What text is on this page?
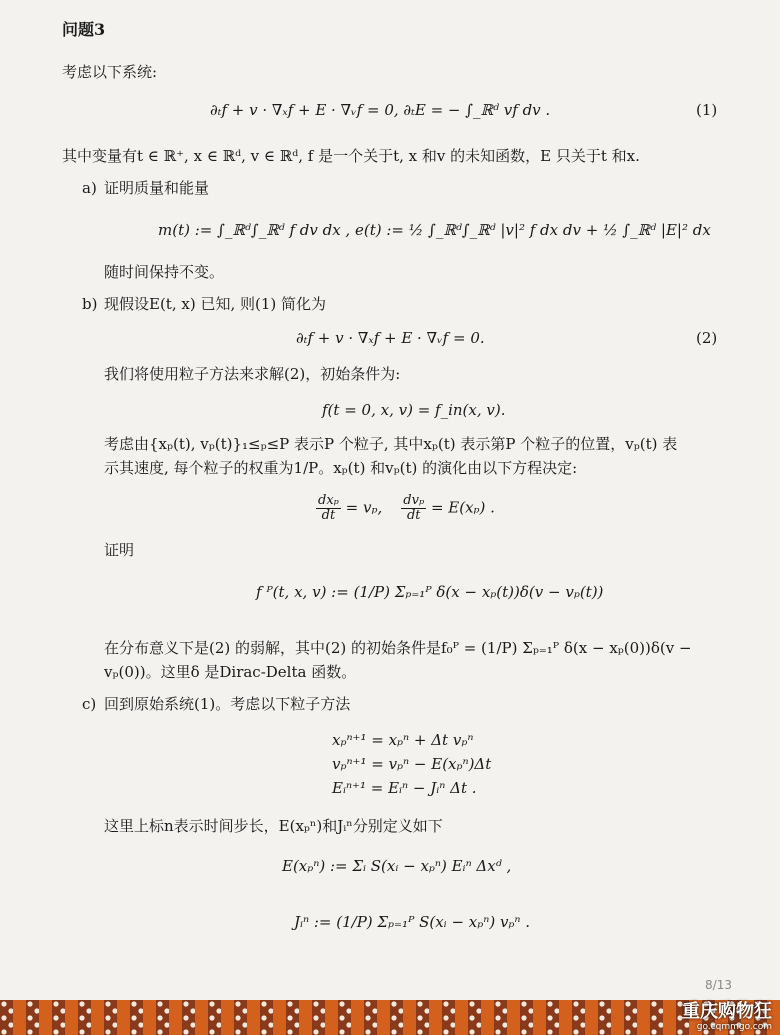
问题3
考虑以下系统:
∂ₜf + v · ∇ₓf + E · ∇ᵥf = 0, ∂ₜE = − ∫_ℝᵈ vf dv .	(1)
其中变量有t ∈ ℝ⁺, x ∈ ℝᵈ, v ∈ ℝᵈ, f 是一个关于t, x 和v 的未知函数，E 只关于t 和x.
a) 证明质量和能量
m(t) := ∫_ℝᵈ∫_ℝᵈ f dv dx , e(t) := ½ ∫_ℝᵈ∫_ℝᵈ |v|² f dx dv + ½ ∫_ℝᵈ |E|² dx
随时间保持不变。
b) 现假设E(t, x) 已知, 则(1) 简化为
∂ₜf + v · ∇ₓf + E · ∇ᵥf = 0.	(2)
我们将使用粒子方法来求解(2)，初始条件为:
f(t = 0, x, v) = f_in(x, v).
考虑由{xₚ(t), vₚ(t)}₁≤ₚ≤P 表示P 个粒子, 其中xₚ(t) 表示第P 个粒子的位置，vₚ(t) 表
示其速度, 每个粒子的权重为1/P。xₚ(t) 和vₚ(t) 的演化由以下方程决定:
$\frac{\text{dxₚ}}{dt} = v_p$, $\frac{\text{dvₚ}}{dt} = E(x_p)$ .
证明
f ᴾ(t, x, v) := (1/P) Σₚ₌₁ᴾ δ(x − xₚ(t))δ(v − vₚ(t))
在分布意义下是(2) 的弱解，其中(2) 的初始条件是f₀ᴾ = (1/P) Σₚ₌₁ᴾ δ(x − xₚ(0))δ(v −
vₚ(0))。这里δ 是Dirac-Delta 函数。
c) 回到原始系统(1)。考虑以下粒子方法
xₚⁿ⁺¹ = xₚⁿ + Δt vₚⁿ
vₚⁿ⁺¹ = vₚⁿ − E(xₚⁿ)Δt
Eᵢⁿ⁺¹ = Eᵢⁿ − Jᵢⁿ Δt .
这里上标n表示时间步长，E(xₚⁿ)和Jᵢⁿ分别定义如下
E(xₚⁿ) := Σᵢ S(xᵢ − xₚⁿ) Eᵢⁿ Δxᵈ ,
Jᵢⁿ := (1/P) Σₚ₌₁ᴾ S(xᵢ − xₚⁿ) vₚⁿ .
8/13
重庆购物狂
go.cqmmgo.com
